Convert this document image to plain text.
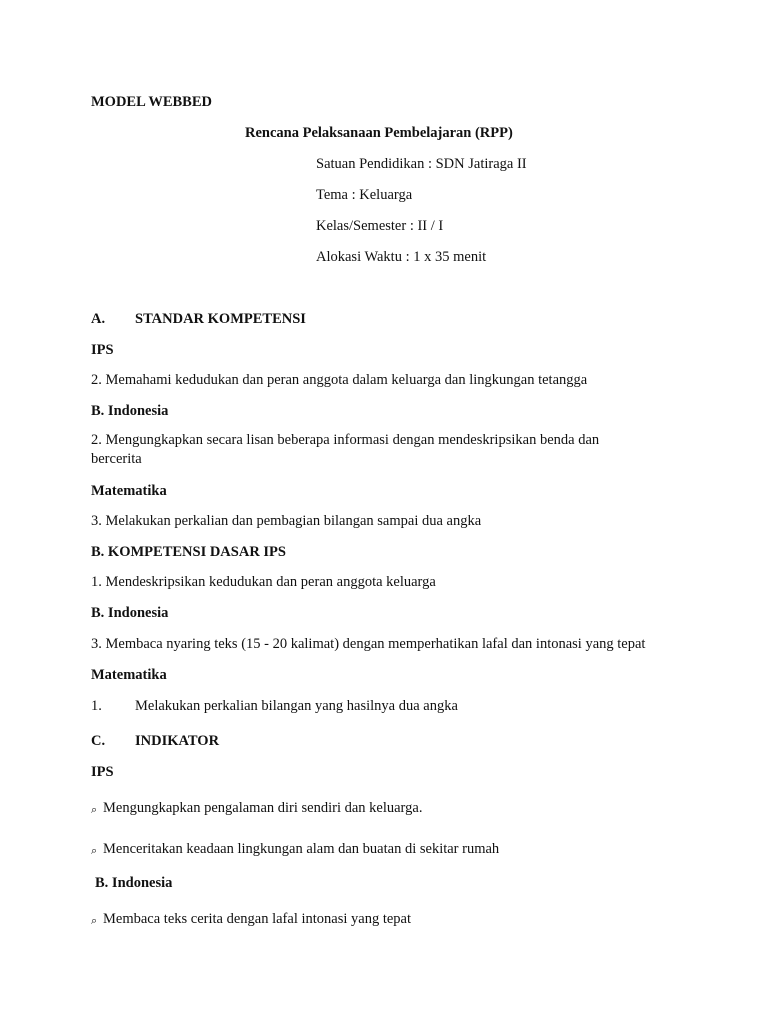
MODEL WEBBED
Rencana Pelaksanaan Pembelajaran (RPP)
Satuan Pendidikan : SDN Jatiraga II
Tema : Keluarga
Kelas/Semester : II / I
Alokasi Waktu : 1 x 35 menit
A. STANDAR KOMPETENSI
IPS
2. Memahami kedudukan dan peran anggota dalam keluarga dan lingkungan tetangga
B. Indonesia
2. Mengungkapkan secara lisan beberapa informasi dengan mendeskripsikan benda dan bercerita
Matematika
3. Melakukan perkalian dan pembagian bilangan sampai dua angka
B. KOMPETENSI DASAR IPS
1. Mendeskripsikan kedudukan dan peran anggota keluarga
B. Indonesia
3. Membaca nyaring teks (15 - 20 kalimat) dengan memperhatikan lafal dan intonasi yang tepat
Matematika
1. Melakukan perkalian bilangan yang hasilnya dua angka
C. INDIKATOR
IPS
⌕ Mengungkapkan pengalaman diri sendiri dan keluarga.
⌕ Menceritakan keadaan lingkungan alam dan buatan di sekitar rumah
B. Indonesia
⌕ Membaca teks cerita dengan lafal intonasi yang tepat
